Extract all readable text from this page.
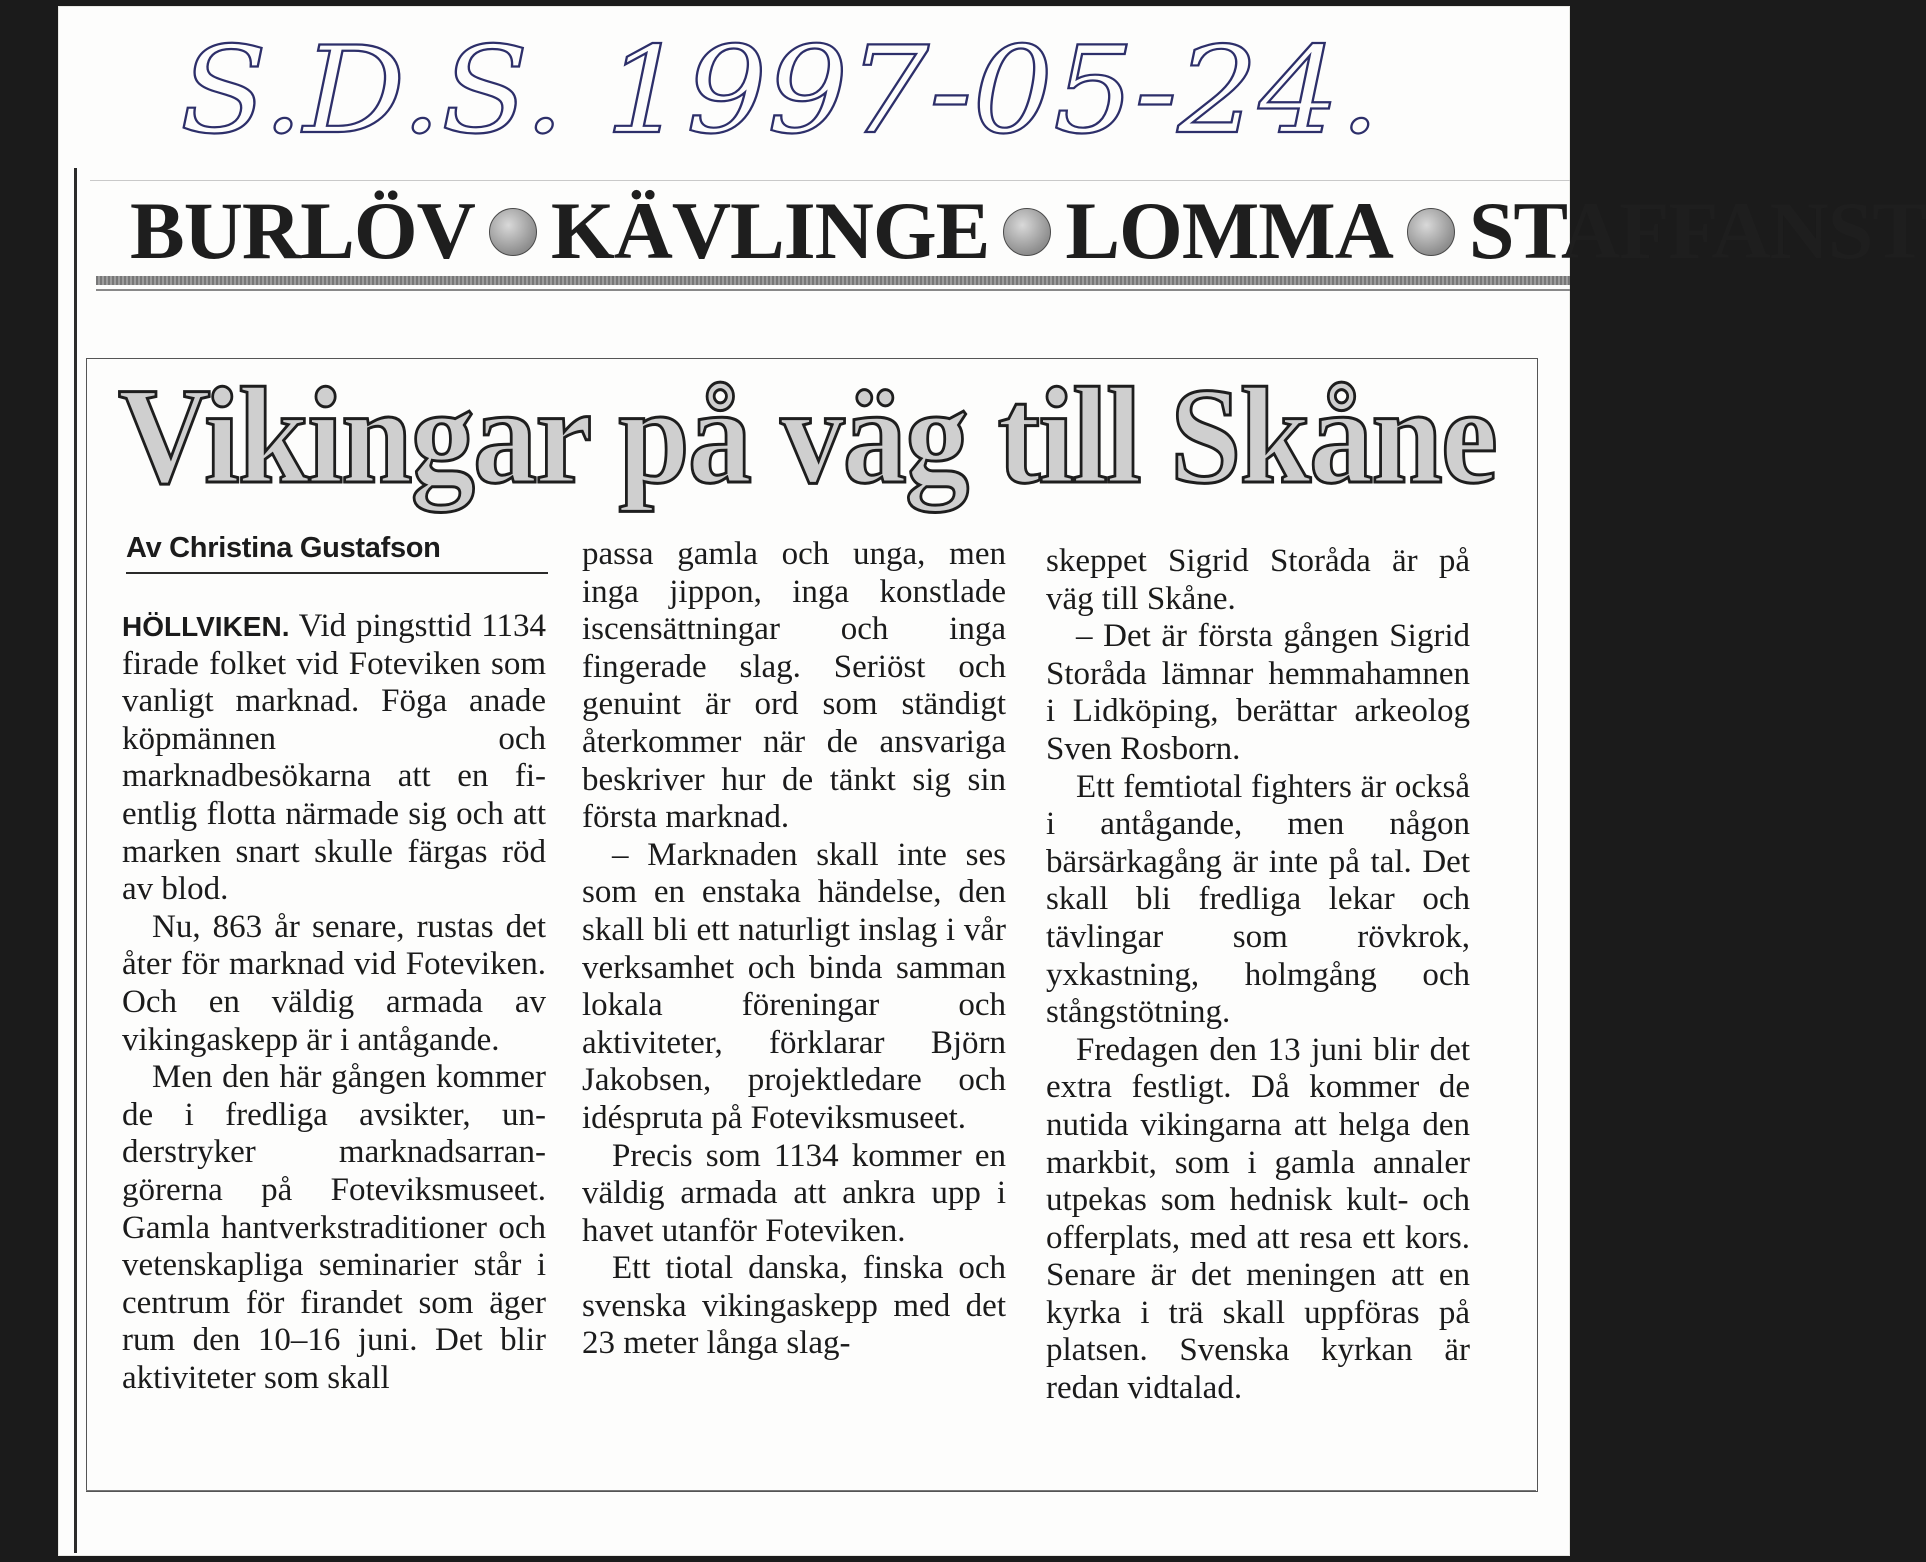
S.D.S. 1997-05-24.
BURLÖV KÄVLINGE LOMMA STAFFANST
Vikingar på väg till Skåne
Av Christina Gustafson

HÖLLVIKEN. Vid pingsttid 1134 firade folket vid Foteviken som vanligt marknad. Föga anade köpmännen och marknadbesökarna att en fientlig flotta närmade sig och att marken snart skulle färgas röd av blod.

Nu, 863 år senare, rustas det åter för marknad vid Foteviken. Och en väldig armada av vikingaskepp är i antågande.

Men den här gången kommer de i fredliga avsikter, understryker marknadsarrangörerna på Foteviksmuseet. Gamla hantverkstraditioner och vetenskapliga seminarier står i centrum för firandet som äger rum den 10–16 juni. Det blir aktiviteter som skall

passa gamla och unga, men inga jippon, inga konstlade iscensättningar och inga fingerade slag. Seriöst och genuint är ord som ständigt återkommer när de ansvariga beskriver hur de tänkt sig sin första marknad.

– Marknaden skall inte ses som en enstaka händelse, den skall bli ett naturligt inslag i vår verksamhet och binda samman lokala föreningar och aktiviteter, förklarar Björn Jakobsen, projektledare och idéspruta på Foteviksmuseet.

Precis som 1134 kommer en väldig armada att ankra upp i havet utanför Foteviken.

Ett tiotal danska, finska och svenska vikingaskepp med det 23 meter långa slag-

skeppet Sigrid Storåda är på väg till Skåne.

– Det är första gången Sigrid Storåda lämnar hemmahamnen i Lidköping, berättar arkeolog Sven Rosborn.

Ett femtiotal fighters är också i antågande, men någon bärsärkagång är inte på tal. Det skall bli fredliga lekar och tävlingar som rövkrok, yxkastning, holmgång och stångstötning.

Fredagen den 13 juni blir det extra festligt. Då kommer de nutida vikingarna att helga den markbit, som i gamla annaler utpekas som hednisk kult- och offerplats, med att resa ett kors. Senare är det meningen att en kyrka i trä skall uppföras på platsen. Svenska kyrkan är redan vidtalad.
